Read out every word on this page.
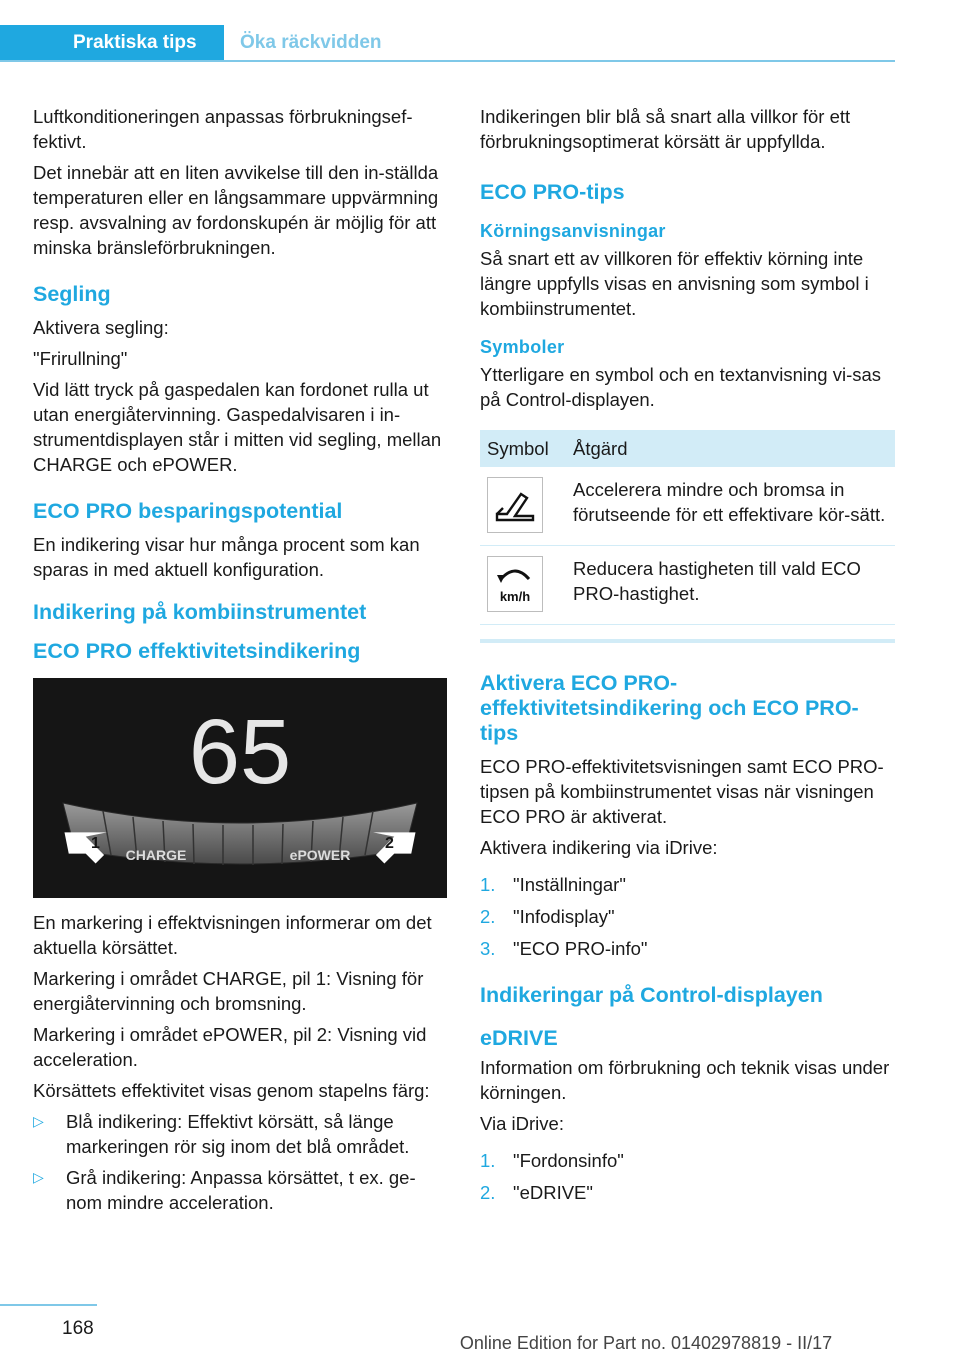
Praktiska tips	Öka räckvidden

Luftkonditioneringen anpassas förbrukningsef-fektivt.

Det innebär att en liten avvikelse till den in-ställda temperaturen eller en långsammare uppvärmning resp. avsvalning av fordonskupén är möjlig för att minska bränsleförbrukningen.

Segling

Aktivera segling:

"Frirullning"

Vid lätt tryck på gaspedalen kan fordonet rulla ut utan energiåtervinning. Gaspedalvisaren i in-strumentdisplayen står i mitten vid segling, mellan CHARGE och ePOWER.

ECO PRO besparingspotential

En indikering visar hur många procent som kan sparas in med aktuell konfiguration.

Indikering på kombiinstrumentet
ECO PRO effektivitetsindikering
65
CHARGE	ePOWER
1	2

En markering i effektvisningen informerar om det aktuella körsättet.

Markering i området CHARGE, pil 1: Visning för energiåtervinning och bromsning.

Markering i området ePOWER, pil 2: Visning vid acceleration.

Körsättets effektivitet visas genom stapelns färg:

▷	Blå indikering: Effektivt körsätt, så länge markeringen rör sig inom det blå området.
▷	Grå indikering: Anpassa körsättet, t ex. ge-nom mindre acceleration.

Indikeringen blir blå så snart alla villkor för ett förbrukningsoptimerat körsätt är uppfyllda.

ECO PRO-tips
Körningsanvisningar

Så snart ett av villkoren för effektiv körning inte längre uppfylls visas en anvisning som symbol i kombiinstrumentet.

Symboler

Ytterligare en symbol och en textanvisning vi-sas på Control-displayen.

Symbol	Åtgärd

	Accelerera mindre och bromsa in förutseende för ett effektivare kör-sätt.

km/h	Reducera hastigheten till vald ECO PRO-hastighet.
Aktivera ECO PRO-effektivitetsindikering och ECO PRO-tips

ECO PRO-effektivitetsvisningen samt ECO PRO-tipsen på kombiinstrumentet visas när visningen ECO PRO är aktiverat.

Aktivera indikering via iDrive:

1. "Inställningar"
2. "Infodisplay"
3. "ECO PRO-info"
Indikeringar på Control-displayen
eDRIVE

Information om förbrukning och teknik visas under körningen.

Via iDrive:

1. "Fordonsinfo"
2. "eDRIVE"
168
Online Edition for Part no. 01402978819 - II/17
